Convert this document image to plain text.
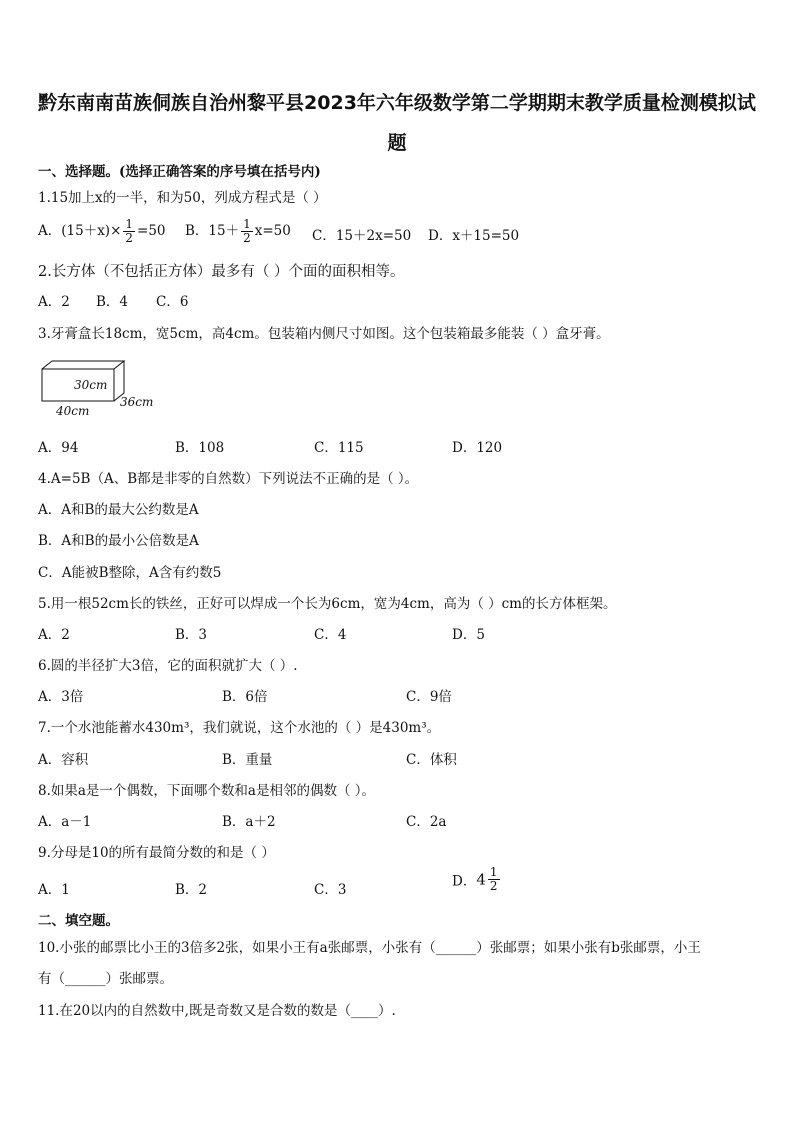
黔东南南苗族侗族自治州黎平县2023年六年级数学第二学期期末教学质量检测模拟试
题
一、选择题。(选择正确答案的序号填在括号内)
1.15加上x的一半，和为50，列成方程式是（ ）
A．$(15+x)\times \frac{1}{2} =50$ B．$15+ \frac{1}{2} x=50$ C．15＋2x=50 D．x＋15=50
2.长方体（不包括正方体）最多有（ ）个面的面积相等。
A．2 B．4 C．6
3.牙膏盒长18cm，宽5cm，高4cm。包装箱内侧尺寸如图。这个包装箱最多能装（ ）盒牙膏。
30cm
36cm
40cm
A．94	B．108	C．115	D．120
4.A=5B（A、B都是非零的自然数）下列说法不正确的是（ ）。
A．A和B的最大公约数是A
B．A和B的最小公倍数是A
C．A能被B整除，A含有约数5
5.用一根52cm长的铁丝，正好可以焊成一个长为6cm，宽为4cm，高为（ ）cm的长方体框架。
A．2	B．3	C．4	D．5
6.圆的半径扩大3倍，它的面积就扩大（ ）.
A．3倍	B．6倍	C．9倍
7.一个水池能蓄水430m³，我们就说，这个水池的（ ）是430m³。
A．容积	B．重量	C．体积
8.如果a是一个偶数，下面哪个数和a是相邻的偶数（ ）。
A．a－1	B．a＋2	C．2a
9.分母是10的所有最简分数的和是（ ）
A．1	B．2	C．3
D．$4 \frac{1}{2}$
二、填空题。
10.小张的邮票比小王的3倍多2张，如果小王有a张邮票，小张有（______）张邮票；如果小张有b张邮票，小王
有（______）张邮票。
11.在20以内的自然数中,既是奇数又是合数的数是（____）.
